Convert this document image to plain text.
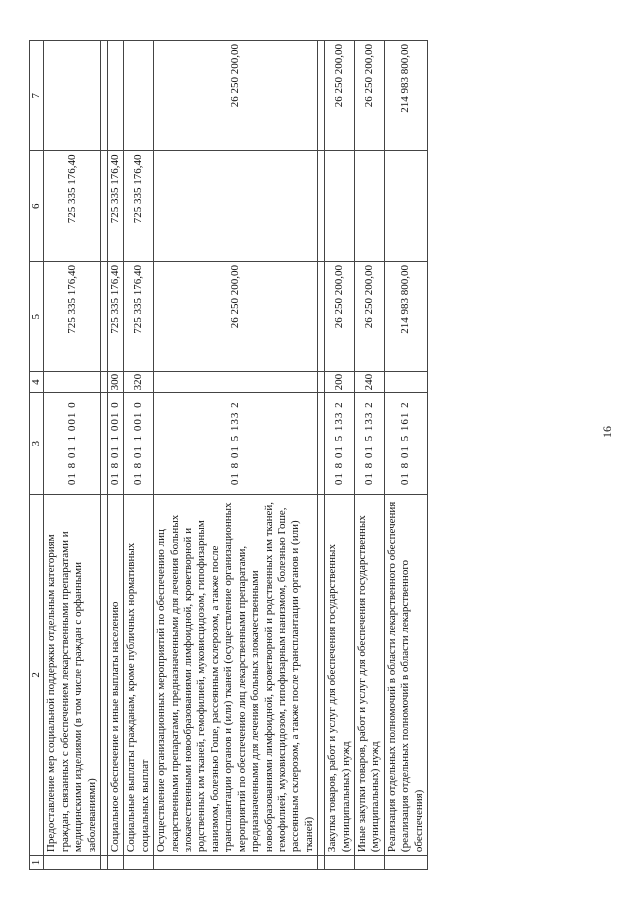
16
1	2	3	4	5	6	7
	Предоставление мер социальной поддержки отдельным категориям граждан, связанных с обеспечением лекарственными препаратами и медицинскими изделиями (в том числе граждан с орфанными заболеваниями)	01 8 01 1 001 0		725 335 176,40	725 335 176,40	

	Социальное обеспечение и иные выплаты населению	01 8 01 1 001 0	300	725 335 176,40	725 335 176,40	
	Социальные выплаты гражданам, кроме публичных нормативных социальных выплат	01 8 01 1 001 0	320	725 335 176,40	725 335 176,40	
	Осуществление организационных мероприятий по обеспечению лиц лекарственными препаратами, предназначенными для лечения больных злокачественными новообразованиями лимфоидной, кроветворной и родственных им тканей, гемофилией, муковисцидозом, гипофизарным нанизмом, болезнью Гоше, рассеянным склерозом, а также после трансплантации органов и (или) тканей (осуществление организационных мероприятий по обеспечению лиц лекарственными препаратами, предназначенными для лечения больных злокачественными новообразованиями лимфоидной, кроветворной и родственных им тканей, гемофилией, муковисцидозом, гипофизарным нанизмом, болезнью Гоше, рассеянным склерозом, а также после трансплантации органов и (или) тканей)	01 8 01 5 133 2		26 250 200,00		26 250 200,00

	Закупка товаров, работ и услуг для обеспечения государственных (муниципальных) нужд	01 8 01 5 133 2	200	26 250 200,00		26 250 200,00
	Иные закупки товаров, работ и услуг для обеспечения государственных (муниципальных) нужд	01 8 01 5 133 2	240	26 250 200,00		26 250 200,00
	Реализация отдельных полномочий в области лекарственного обеспечения (реализация отдельных полномочий в области лекарственного обеспечения)	01 8 01 5 161 2		214 983 800,00		214 983 800,00
